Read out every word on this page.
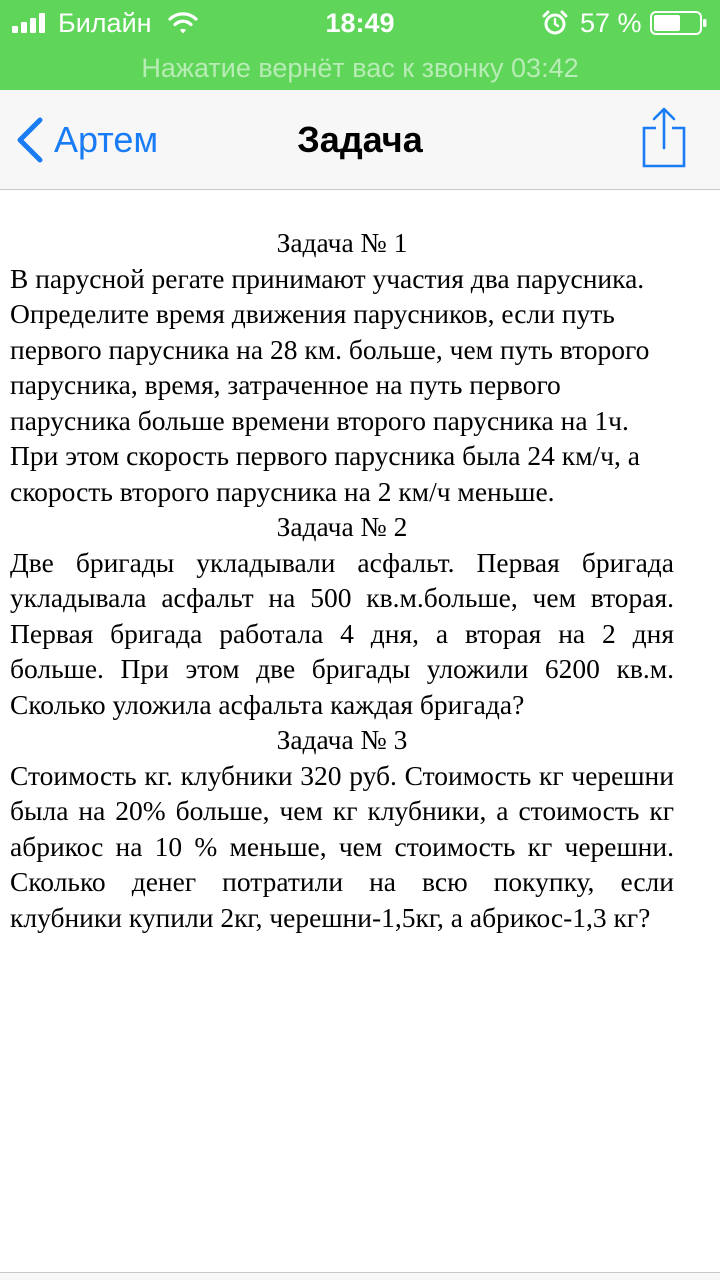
Билайн	18:49	57 %
Нажатие вернёт вас к звонку 03:42
Задача
Артем

Задача № 1

В парусной регате принимают участия два парусника. Определите время движения парусников, если путь первого парусника на 28 км. больше, чем путь второго парусника, время, затраченное на путь первого парусника больше времени второго парусника на 1ч. При этом скорость первого парусника была 24 км/ч, а скорость второго парусника на 2 км/ч меньше.

Задача № 2

Две бригады укладывали асфальт. Первая бригада укладывала асфальт на 500 кв.м.больше, чем вторая. Первая бригада работала 4 дня, а вторая на 2 дня больше. При этом две бригады уложили 6200 кв.м. Сколько уложила асфальта каждая бригада?

Задача № 3

Стоимость кг. клубники 320 руб. Стоимость кг черешни была на 20% больше, чем кг клубники, а стоимость кг абрикос на 10 % меньше, чем стоимость кг черешни. Сколько денег потратили на всю покупку, если клубники купили 2кг, черешни-1,5кг, а абрикос-1,3 кг?
